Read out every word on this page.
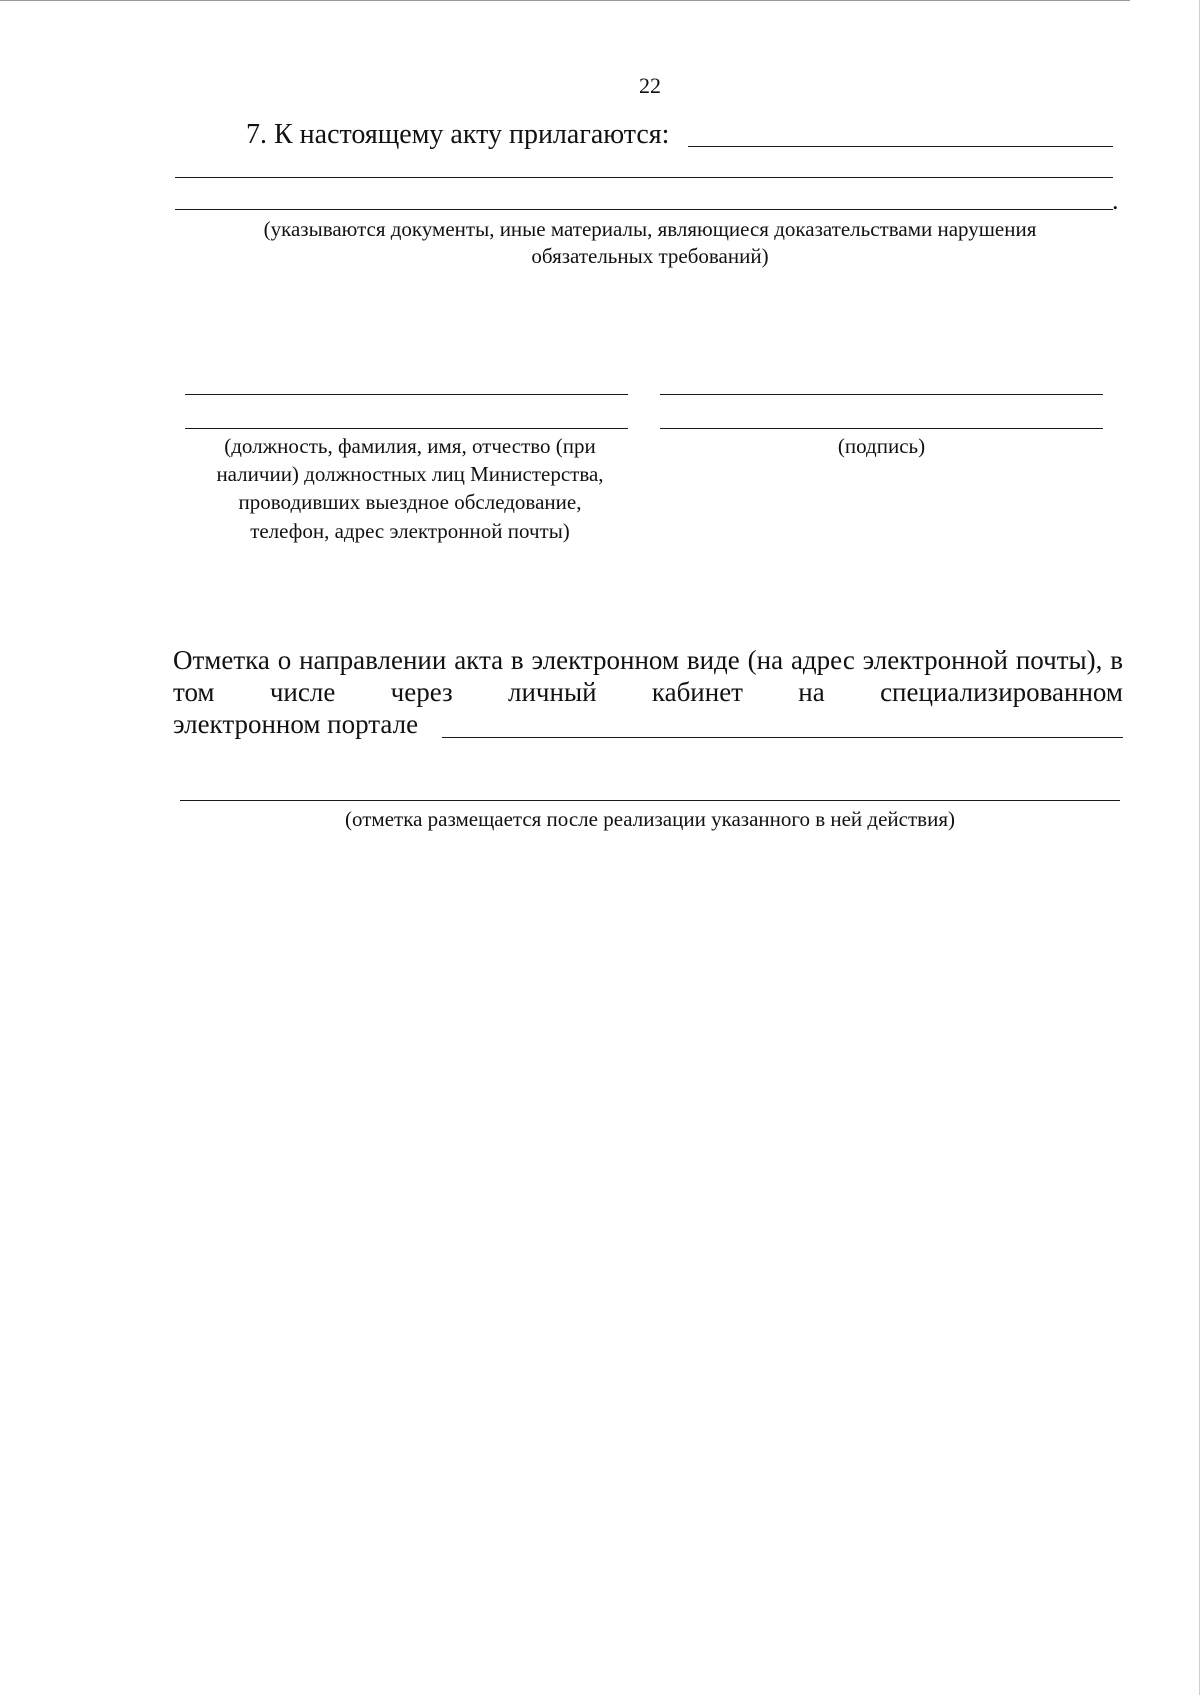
22
7. К настоящему акту прилагаются:
.
(указываются документы, иные материалы, являющиеся доказательствами нарушения
обязательных требований)
(должность, фамилия, имя, отчество (при
наличии) должностных лиц Министерства,
проводивших выездное обследование,
телефон, адрес электронной почты)
(подпись)
Отметка о направлении акта в электронном виде (на адрес электронной почты), в том числе через личный кабинет на специализированном
электронном портале
(отметка размещается после реализации указанного в ней действия)
